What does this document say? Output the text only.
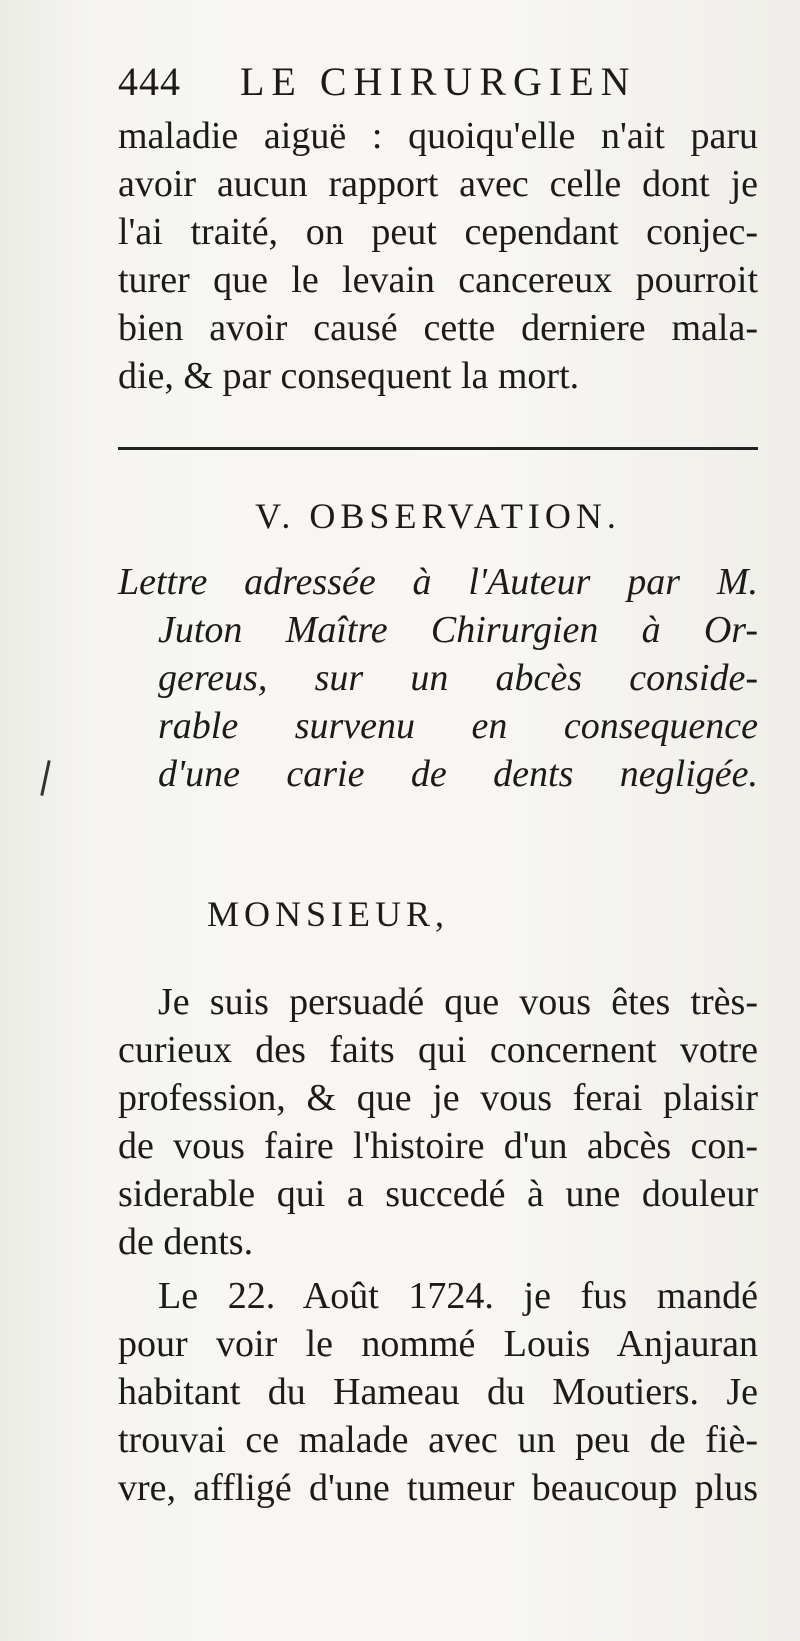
444 LE CHIRURGIEN
maladie aiguë : quoiqu'elle n'ait paru
avoir aucun rapport avec celle dont je
l'ai traité, on peut cependant conjec-
turer que le levain cancereux pourroit
bien avoir causé cette derniere mala-
die, & par consequent la mort.
V. OBSERVATION.
Lettre adressée à l'Auteur par M.
Juton Maître Chirurgien à Or-
gereus, sur un abcès conside-
rable survenu en consequence
d'une carie de dents negligée.
MONSIEUR,
Je suis persuadé que vous êtes très-
curieux des faits qui concernent votre
profession, & que je vous ferai plaisir
de vous faire l'histoire d'un abcès con-
siderable qui a succedé à une douleur
de dents.
Le 22. Août 1724. je fus mandé
pour voir le nommé Louis Anjauran
habitant du Hameau du Moutiers. Je
trouvai ce malade avec un peu de fiè-
vre, affligé d'une tumeur beaucoup plus
